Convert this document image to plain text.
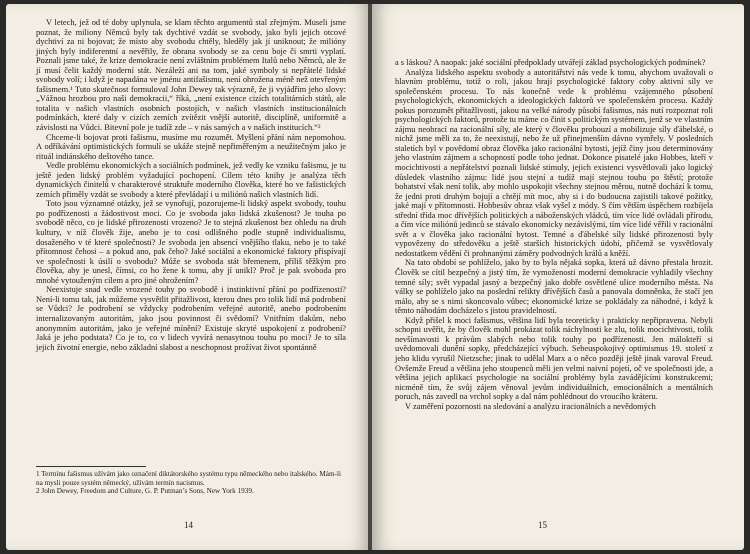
V letech, jež od té doby uplynula, se klam těchto argumentů stal zřejmým. Museli jsme poznat, že miliony Němců byly tak dychtivé vzdát se svobody, jako byli jejich otcové dychtiví za ni bojovat; že místo aby svobodu chtěly, hleděly jak jí uniknout; že milióny jiných byly indiferentní a nevěřily, že obrana svobody se za cenu boje či smrti vyplatí. Poznali jsme také, že krize demokracie není zvláštním problémem Italů nebo Němců, ale že jí musí čelit každý moderní stát. Nezáleží ani na tom, jaké symboly si nepřátelé lidské svobody volí; i když je napadána ve jménu antifašismu, není ohrožena méně než otevřeným fašismem.¹ Tuto skutečnost formuloval John Dewey tak výrazně, že ji vyjádřím jeho slovy: „Vážnou hrozbou pro naši demokracii,“ říká, „není existence cizích totalitárních států, ale totalita v našich vlastních osobních postojích, v našich vlastních institucionálních podmínkách, které daly v cizích zemích zvítězit vnější autoritě, disciplíně, uniformitě a závislosti na Vůdci. Bitevní pole je tudíž zde – v nás samých a v našich institucích.“²

Chceme-li bojovat proti fašismu, musíme mu rozumět. Myšlení přání nám nepomohou. A odříkávání optimistických formulí se ukáže stejně nepřiměřeným a neužitečným jako je rituál indiánského deštového tance.

Vedle problému ekonomických a sociálních podmínek, jež vedly ke vzniku fašismu, je tu ještě jeden lidský problém vyžadující pochopení. Cílem této knihy je analýza těch dynamických činitelů v charakterové struktuře moderního člověka, které ho ve fašistických zemích přiměly vzdát se svobody a které převládají i u miliónů našich vlastních lidí.

Toto jsou významné otázky, jež se vynořují, pozorujeme-li lidský aspekt svobody, touhu po podřízenosti a žádostivost moci. Co je svoboda jako lidská zkušenost? Je touha po svobodě něco, co je lidské přirozenosti vrozeno? Je to stejná zkušenost bez ohledu na druh kultury, v níž člověk žije, anebo je to cosi odlišného podle stupně individualismu, dosaženého v té které společnosti? Je svoboda jen absencí vnějšího tlaku, nebo je to také přítomnost čehosi – a pokud ano, pak čeho? Jaké sociální a ekonomické faktory přispívají ve společnosti k úsilí o svobodu? Může se svoboda stát břemenem, příliš těžkým pro člověka, aby je unesl, čímsi, co ho žene k tomu, aby jí unikl? Proč je pak svoboda pro mnohé vytouženým cílem a pro jiné ohrožením?

Neexistuje snad vedle vrozené touhy po svobodě i instinktivní přání po podřízenosti? Není-li tomu tak, jak můžeme vysvětlit přitažlivost, kterou dnes pro tolik lidí má podrobení se Vůdci? Je podrobení se vždycky podrobením veřejné autoritě, anebo podrobením internalizovaným autoritám, jako jsou povinnost či svědomí? Vnitřním tlakům, nebo anonymním autoritám, jako je veřejné mínění? Existuje skryté uspokojení z podrobení? Jaká je jeho podstata? Co je to, co v lidech vyvírá nenasytnou touhu po moci? Je to síla jejich životní energie, nebo základní slabost a neschopnost prožívat život spontánně

1 Termínu fašismus užívám jako označení diktátorského systému typu německého nebo italského. Mám-li na mysli pouze systém německý, užívám termín nacismus.

2 John Dewey, Freedom and Culture, G. P. Putman’s Sons, New York 1939.

14

a s láskou? A naopak: jaké sociální předpoklady utvářejí základ psychologických podmínek?

Analýza lidského aspektu svobody a autoritářství nás vede k tomu, abychom uvažovali o hlavním problému, totiž o roli, jakou hrají psychologické faktory coby aktivní síly ve společenském procesu. To nás konečně vede k problému vzájemného působení psychologických, ekonomických a ideologických faktorů ve společenském procesu. Každý pokus porozumět přitažlivosti, jakou na velké národy působí fašismus, nás nutí rozpoznat roli psychologických faktorů, protože tu máme co činit s politickým systémem, jenž se ve vlastním zájmu neobrací na racionální síly, ale který v člověku probouzí a mobilizuje síly ďábelské, o nichž jsme měli za to, že neexistují, nebo že už přinejmenším dávno vymřely. V posledních staletích byl v povědomí obraz člověka jako racionální bytosti, jejíž činy jsou determinovány jeho vlastním zájmem a schopností podle toho jednat. Dokonce pisatelé jako Hobbes, kteří v mocichtivosti a nepřátelství poznali lidské stimuly, jejich existenci vysvětlovali jako logický důsledek vlastního zájmu: lidé jsou stejní a tudíž mají stejnou touhu po štěstí; protože bohatství však není tolik, aby mohlo uspokojit všechny stejnou měrou, nutně dochází k tomu, že jedni proti druhým bojují a chtějí mít moc, aby si i do budoucna zajistili takové požitky, jaké mají v přítomnosti. Hobbesův obraz však vyšel z módy. S čím větším úspěchem rozbíjela střední třída moc dřívějších politických a náboženských vládců, tím více lidé ovládali přírodu, a čím více miliónů jedinců se stávalo ekonomicky nezávislými, tím více lidé věřili v racionální svět a v člověka jako racionální bytost. Temné a ďábelské síly lidské přirozenosti byly vypovězeny do středověku a ještě starších historických údobí, přičemž se vysvětlovaly nedostatkem vědění či prohnanými záměry podvodných králů a kněží.

Na tato období se pohlíželo, jako by to byla nějaká sopka, která už dávno přestala hrozit. Člověk se cítil bezpečný a jistý tím, že vymoženosti moderní demokracie vyhladily všechny temné síly; svět vypadal jasný a bezpečný jako dobře osvětlené ulice moderního města. Na války se pohlíželo jako na poslední relikty dřívějších časů a panovala domněnka, že stačí jen málo, aby se s nimi skoncovalo vůbec; ekonomické krize se pokládaly za náhodné, i když k těmto náhodám docházelo s jistou pravidelností.

Když přišel k moci fašismus, většina lidí byla teoreticky i prakticky nepřipravena. Nebyli schopni uvěřit, že by člověk mohl prokázat tolik náchylnosti ke zlu, tolik mocichtivosti, tolik nevšímavosti k právům slabých nebo tolik touhy po podřízenosti. Jen málokteří si uvědomovali dunění sopky, předcházející výbuch. Sebeuspokojivý optimismus 19. století z jeho klidu vyrušil Nietzsche; jinak to udělal Marx a o něco později ještě jinak varoval Freud. Ovšemže Freud a většina jeho stoupenců měli jen velmi naivní pojetí, oč ve společnosti jde, a většina jejich aplikací psychologie na sociální problémy byla zavádějícími konstrukcemi; nicméně tím, že svůj zájem věnoval jevům individuálních, emocionálních a mentálních poruch, nás zavedl na vrchol sopky a dal nám pohlédnout do vroucího kráteru.

V zaměření pozornosti na sledování a analýzu iracionálních a nevědomých

15
